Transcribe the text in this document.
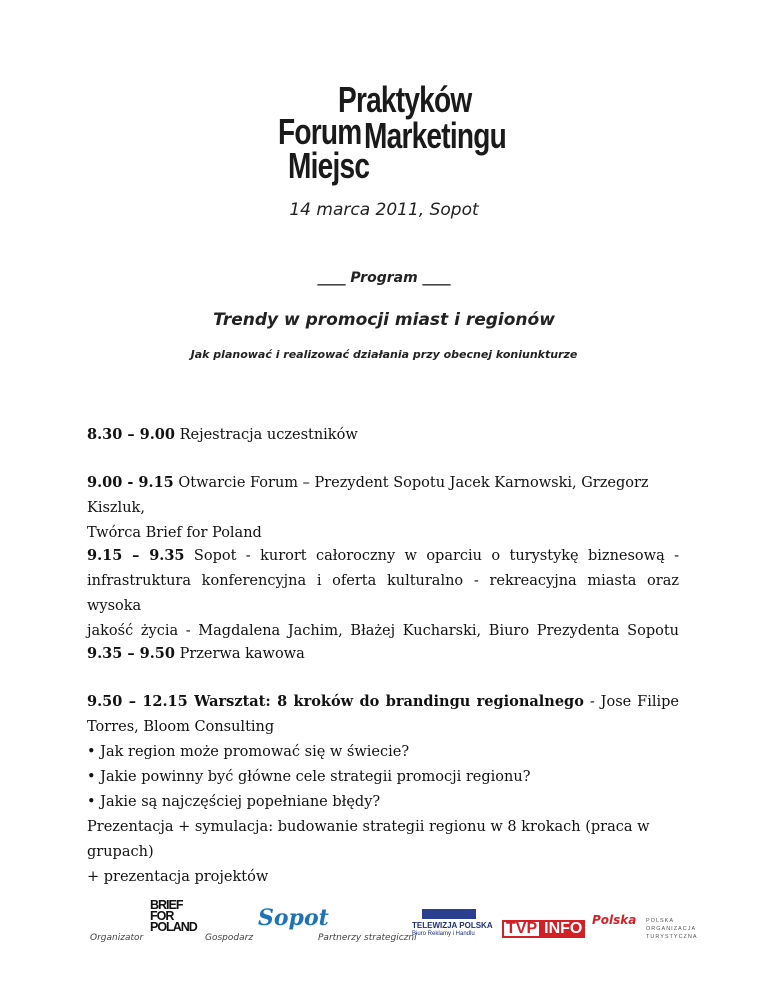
Praktyków
Forum Marketingu
Miejsc
14 marca 2011, Sopot
____ Program ____
Trendy w promocji miast i regionów
Jak planować i realizować działania przy obecnej koniunkturze

8.30 – 9.00 Rejestracja uczestników

9.00 - 9.15 Otwarcie Forum – Prezydent Sopotu Jacek Karnowski, Grzegorz Kiszluk,

Twórca Brief for Poland

9.15 – 9.35 Sopot - kurort całoroczny w oparciu o turystykę biznesową -

infrastruktura konferencyjna i oferta kulturalno - rekreacyjna miasta oraz wysoka

jakość życia - Magdalena Jachim, Błażej Kucharski, Biuro Prezydenta Sopotu

9.35 – 9.50 Przerwa kawowa

9.50 – 12.15 Warsztat: 8 kroków do brandingu regionalnego - Jose Filipe

Torres, Bloom Consulting

• Jak region może promować się w świecie?

• Jakie powinny być główne cele strategii promocji regionu?

• Jakie są najczęściej popełniane błędy?

Prezentacja + symulacja: budowanie strategii regionu w 8 krokach (praca w grupach)

+ prezentacja projektów

Organizator
BRIEF
FOR
POLAND
Gospodarz
Sopot
Partnerzy strategiczni
TELEWIZJA POLSKA
Biuro Reklamy i Handlu TVP INFO Polska POLSKA
ORGANIZACJA
TURYSTYCZNA
